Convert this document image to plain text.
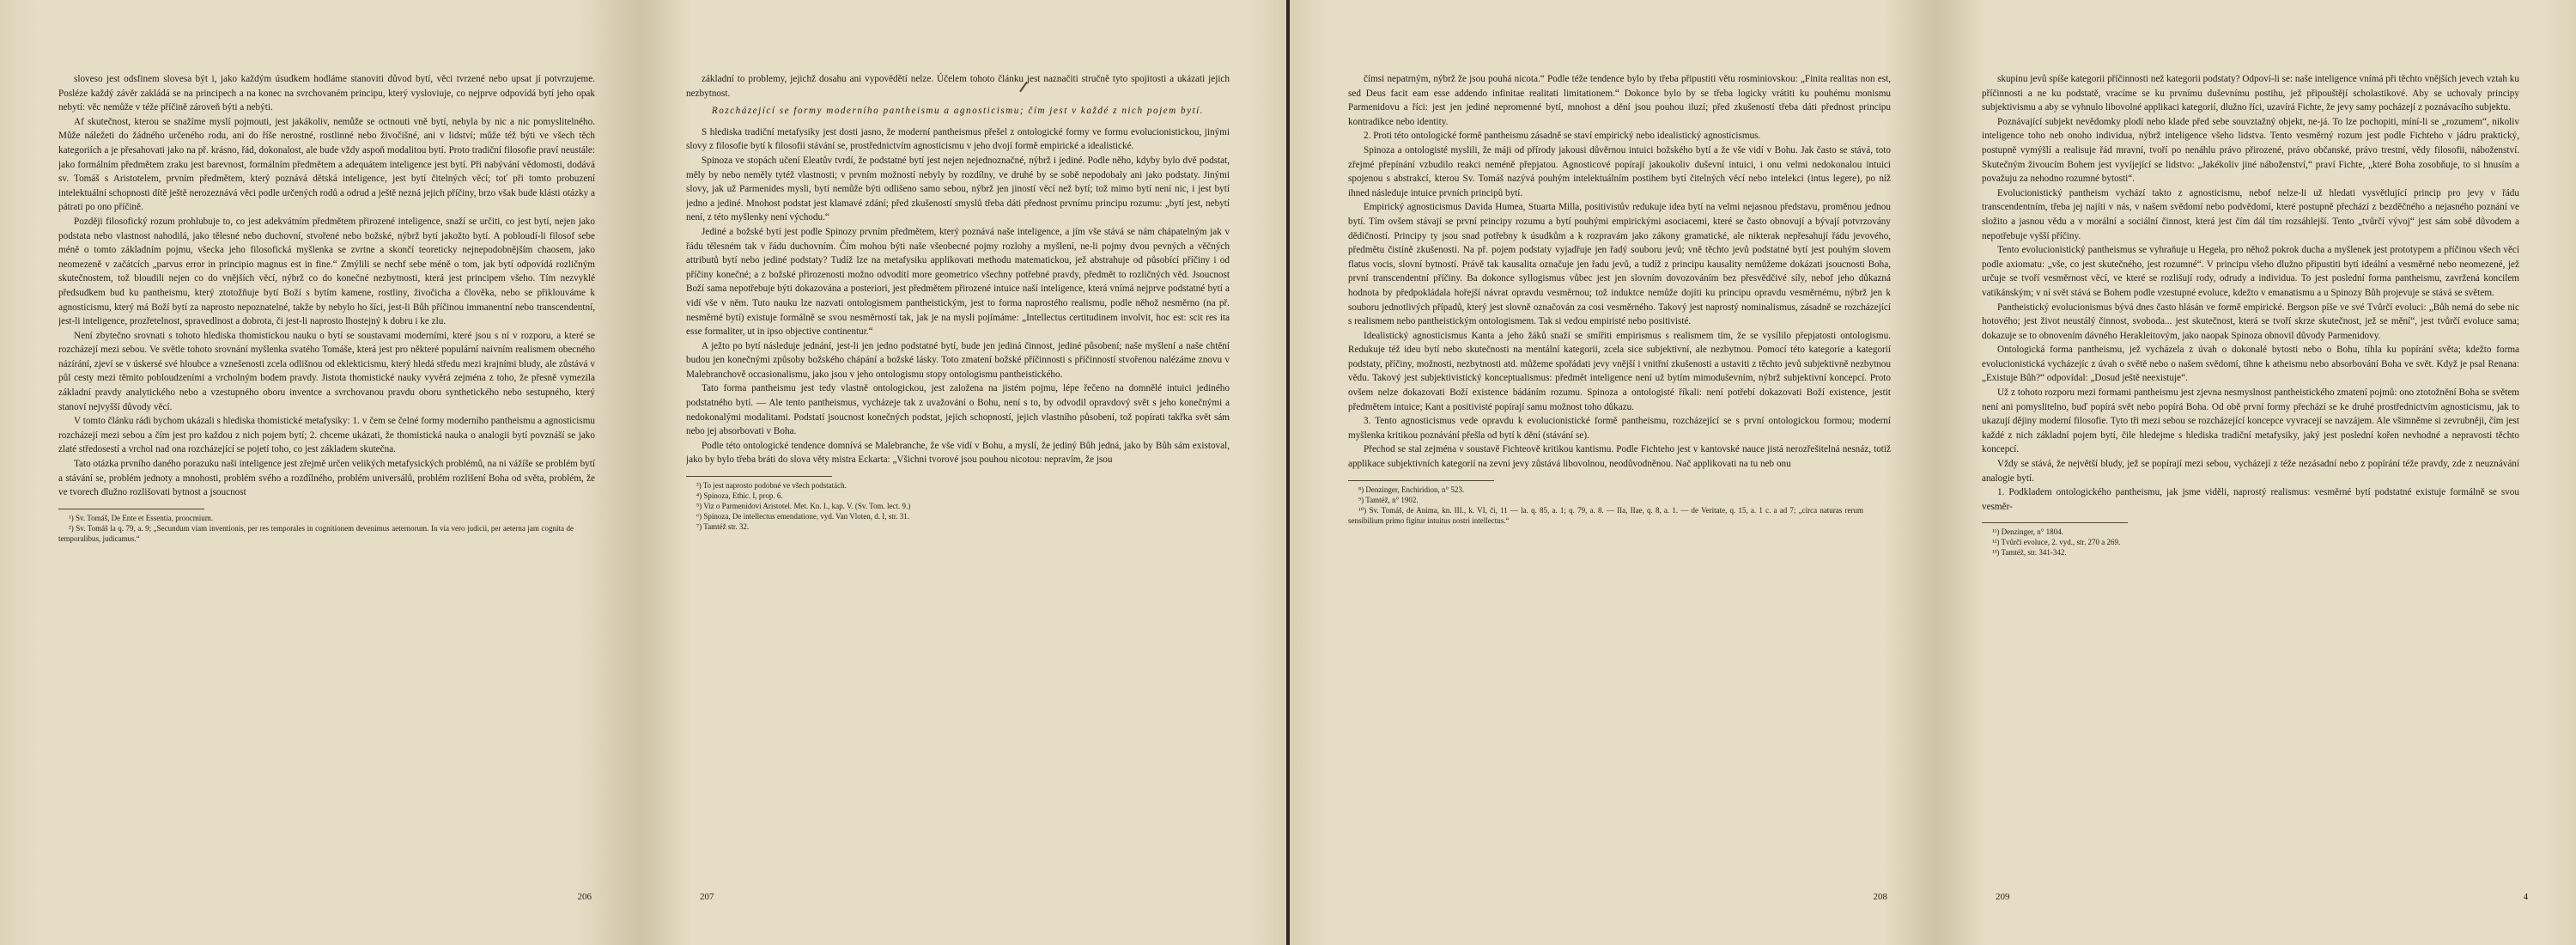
sloveso jest odsfinem slovesa být i, jako každým úsudkem hodláme stanoviti důvod bytí, věci tvrzené nebo upsat jí potvrzujeme. Posléze každý závěr zakládá se na principech a na konec na svrchovaném principu, který vysloviuje, co nejprve odpovídá bytí jeho opak nebytí: věc nemůže v téže příčině zároveň býti a nebýti.

Af skutečnost, kterou se snažíme myslí pojmouti, jest jakákoliv, nemůže se octnouti vně bytí, nebyla by nic a nic pomyslitelného. Může náležeti do žádného určeného rodu, ani do říše nerostné, rostlinné nebo živočišné, ani v lidství; může též býti ve všech těch kategoriích a je přesahovati jako na př. krásno, řád, dokonalost, ale bude vždy aspoň modalitou bytí. Proto tradiční filosofie praví neustále: jako formálním předmětem zraku jest barevnost, formálním předmětem a adequátem inteligence jest bytí. Při nabývání vědomosti, dodává sv. Tomáš s Aristotelem, prvním předmětem, který poznává dětská inteligence, jest bytí čitelných věcí; toť při tomto probuzení intelektuální schopnosti dítě ještě nerozeznává věci podle určených rodů a odrud a ještě nezná jejich příčiny, brzo však bude klásti otázky a pátrati po ono příčině.

Později filosofický rozum prohlubuje to, co jest adekvátním předmětem přirozené inteligence, snaží se určiti, co jest bytí, nejen jako podstata nebo vlastnost nahodilá, jako tělesné nebo duchovní, stvořené nebo božské, nýbrž bytí jakožto bytí. A pobloudí-li filosof sebe méně o tomto základním pojmu, všecka jeho filosofická myšlenka se zvrtne a skončí teoreticky nejnepodobnějším chaosem, jako neomezeně v začátcích „parvus error in principio magnus est in fine.“ Zmýlili se nechf sebe méně o tom, jak bytí odpovídá rozličným skutečnostem, tož bloudili nejen co do vnějších věcí, nýbrž co do konečné nezbytnosti, která jest principem všeho. Tím nezvyklé předsudkem bud ku pantheismu, který ztotožňuje bytí Boží s bytím kamene, rostliny, živočicha a člověka, nebo se přiklouváme k agnosticismu, který má Boží bytí za naprosto nepoznatelné, takže by nebylo ho šíci, jest-li Bůh příčinou immanentní nebo transcendentní, jest-li inteligence, prozřetelnost, spravedlnost a dobrota, či jest-li naprosto lhostejný k dobru i ke zlu.

Není zbytečno srovnati s tohoto hlediska thomistickou nauku o bytí se soustavami moderními, které jsou s ní v rozporu, a které se rozcházejí mezi sebou. Ve světle tohoto srovnání myšlenka svatého Tomáše, která jest pro některé populární naivním realismem obecného názírání, zjeví se v úskersé své hloubce a vznešenosti zcela odlišnou od eklekticismu, který hledá středu mezi krajními bludy, ale zůstává v půl cesty mezi těmito pobloudzeními a vrcholným bodem pravdy. Jistota thomistické nauky vyvěrá zejména z toho, že přesně vymezila základní pravdy analytického nebo a vzestupného oboru inventce a svrchovanou pravdu oboru synthetického nebo sestupného, který stanoví nejvyšší důvody věcí.

V tomto článku rádi bychom ukázali s hlediska thomistické metafysiky: 1. v čem se čelné formy moderního pantheismu a agnosticismu rozcházejí mezi sebou a čím jest pro každou z nich pojem bytí; 2. chceme ukázati, že thomistická nauka o analogii bytí povznáší se jako zlaté středosestí a vrchol nad ona rozcházející se pojetí toho, co jest základem skutečna.

Tato otázka prvního daného porazuku naši inteligence jest zřejmě určen velikých metafysických problémů, na ni vážíše se problém bytí a stávání se, problém jednoty a mnohosti, problém svého a rozdílného, problém universálů, problém rozlišení Boha od světa, problém, že ve tvorech dlužno rozlišovati bytnost a jsoucnost

¹) Sv. Tomáš, De Ente et Essentia, proocmium.

²) Sv. Tomáš la q. 79, a. 9; „Secundum viam inventionis, per res temporales in cognitionem devenimus aeternorum. In via vero judicii, per aeterna jam cognita de temporalibus, judicamus.“

206

základní to problemy, jejichž dosahu ani vypovědětí nelze. Účelem tohoto článku jest naznačiti stručně tyto spojitosti a ukázati jejich nezbytnost.

Rozcházející se formy moderního pantheismu a agnosticismu; čím jest v každé z nich pojem bytí.

S hlediska tradiční metafysiky jest dosti jasno, že moderní pantheismus přešel z ontologické formy ve formu evolucionistickou, jinými slovy z filosofie bytí k filosofii stávání se, prostřednictvím agnosticismu v jeho dvojí formě empirické a idealistické.

Spinoza ve stopách učení Eleatův tvrdí, že podstatné bytí jest nejen nejednoznačné, nýbrž i jediné. Podle něho, kdyby bylo dvě podstat, měly by nebo neměly tytéž vlastnosti; v prvním možností nebyly by rozdílny, ve druhé by se sobě nepodobaly ani jako podstaty. Jinými slovy, jak už Parmenides mysli, bytí nemůže býti odlišeno samo sebou, nýbrž jen jiností věcí než bytí; tož mimo bytí není nic, i jest bytí jedno a jediné. Mnohost podstat jest klamavé zdání; před zkušeností smyslů třeba dáti přednost prvnímu principu rozumu: „bytí jest, nebytí není, z této myšlenky není východu.“

Jediné a božské bytí jest podle Spinozy prvním předmětem, který poznává naše inteligence, a jím vše stává se nám chápatelným jak v řádu tělesném tak v řádu duchovním. Čím mohou býti naše všeobecné pojmy rozlohy a myšlení, ne-li pojmy dvou pevných a věčných attributů bytí nebo jediné podstaty? Tudíž lze na metafysiku applikovati methodu matematickou, jež abstrahuje od působící příčiny i od příčiny konečné; a z božské přirozenosti možno odvodití more geometrico všechny potřebné pravdy, předmět to rozličných věd. Jsoucnost Boží sama nepotřebuje býti dokazována a posteriori, jest předmětem přirozené intuice naší inteligence, která vnímá nejprve podstatné bytí a vidí vše v něm. Tuto nauku lze nazvati ontologismem pantheistickým, jest to forma naprostého realismu, podle něhož nesměrno (na př. nesměrné bytí) existuje formálně se svou nesměrností tak, jak je na mysli pojímáme: „Intellectus certitudinem involvit, hoc est: scit res ita esse formaliter, ut in ipso objective continentur.“

A ježto po bytí následuje jednání, jest-li jen jedno podstatné bytí, bude jen jediná činnost, jediné působení; naše myšlení a naše chtění budou jen konečnými způsoby božského chápání a božské lásky. Toto zmatení božské příčinnosti s příčinností stvořenou nalézáme znovu v Malebranchově occasionalismu, jako jsou v jeho ontologismu stopy ontologismu pantheistického.

Tato forma pantheismu jest tedy vlastně ontologickou, jest založena na jistém pojmu, lépe řečeno na domnělé intuici jediného podstatného bytí. — Ale tento pantheismus, vycházeje tak z uvažování o Bohu, není s to, by odvodil opravdový svět s jeho konečnými a nedokonalými modalitami. Podstatí jsoucnost konečných podstat, jejich schopností, jejich vlastního působení, tož popírati takřka svět sám nebo jej absorbovati v Boha.

Podle této ontologické tendence domnívá se Malebranche, že vše vidí v Bohu, a myslí, že jediný Bůh jedná, jako by Bůh sám existoval, jako by bylo třeba bráti do slova věty mistra Eckarta: „Všichni tvorové jsou pouhou nicotou: nepravím, že jsou

³) To jest naprosto podobné ve všech podstatách.

⁴) Spinoza, Ethic. I, prop. 6.

⁵) Viz o Parmenidovi Aristotel. Met. Kn. I., kap. V. (Sv. Tom. lect. 9.)

⁶) Spinoza, De intellectus emendatione, vyd. Van Vloten, d. I, str. 31.

⁷) Tamtéž str. 32.

207

čímsi nepatrným, nýbrž že jsou pouhá nicota.“ Podle téže tendence bylo by třeba připustiti větu rosminiovskou: „Finita realitas non est, sed Deus facit eam esse addendo infinitae realitati limitationem.“ Dokonce bylo by se třeba logicky vrátiti ku pouhému monismu Parmenidovu a říci: jest jen jediné nepromenné bytí, mnohost a dění jsou pouhou iluzí; před zkušeností třeba dáti přednost principu kontradikce nebo identity.

2. Proti této ontologické formě pantheismu zásadně se staví empirický nebo idealistický agnosticismus.

Spinoza a ontologisté myslili, že máji od přírody jakousi důvěrnou intuici božského bytí a že vše vidí v Bohu. Jak často se stává, toto zřejmé přepínání vzbudilo reakci neméně přepjatou. Agnosticové popírají jakoukoliv duševní intuici, i onu velmi nedokonalou intuici spojenou s abstrakcí, kterou Sv. Tomáš nazývá pouhým intelektuálním postihem bytí čitelných věcí nebo intelekci (intus legere), po níž ihned následuje intuice prvních principů bytí.

Empirický agnosticismus Davida Humea, Stuarta Milla, positivistův redukuje idea bytí na velmi nejasnou představu, proměnou jednou bytí. Tím ovšem stávají se první principy rozumu a bytí pouhými empirickými asociacemi, které se často obnovují a bývají potvrzovány dědičností. Principy ty jsou snad potřebny k úsudkům a k rozpravám jako zákony gramatické, ale nikterak nepřesahují řádu jevového, předmětu čistíně zkušenosti. Na př. pojem podstaty vyjadřuje jen řadý souboru jevů; vně těchto jevů podstatné bytí jest pouhým slovem flatus vocis, slovní bytností. Právě tak kausalita označuje jen řadu jevů, a tudíž z principu kausality nemůžeme dokázati jsoucnosti Boha, první transcendentní příčiny. Ba dokonce syllogismus vůbec jest jen slovním dovozováním bez přesvědčivé síly, nebof jeho důkazná hodnota by předpokládala hořejší návrat opravdu vesměrnou; tož induktce nemůže dojíti ku principu opravdu vesměrnému, nýbrž jen k souboru jednotlivých případů, který jest slovně označován za cosi vesměrného. Takový jest naprostý nominalismus, zásadně se rozcházející s realismem nebo pantheistickým ontologismem. Tak si vedou empiristé nebo positivisté.

Idealistický agnosticismus Kanta a jeho žáků snaží se smířiti empirismus s realismem tím, že se vysílilo přepjatosti ontologismu. Redukuje též ideu bytí nebo skutečnosti na mentální kategorii, zcela sice subjektivní, ale nezbytnou. Pomocí této kategorie a kategorií podstaty, příčiny, možnosti, nezbytnosti atd. můžeme spořádati jevy vnější i vnitřní zkušenosti a ustaviti z těchto jevů subjektivně nezbytnou vědu. Takový jest subjektivistický konceptualismus: předmět inteligence není už bytím mimoduševním, nýbrž subjektivní koncepcí. Proto ovšem nelze dokazovati Boží existence bádáním rozumu. Spinoza a ontologisté říkali: není potřebí dokazovati Boží existence, jestit předmětem intuice; Kant a positivisté popírají samu možnost toho důkazu.

3. Tento agnosticismus vede opravdu k evolucionistické formě pantheismu, rozcházející se s první ontologickou formou; moderní myšlenka kritikou poznávání přešla od bytí k dění (stávání se).

Přechod se stal zejména v soustavě Fichteově kritikou kantismu. Podle Fichteho jest v kantovské nauce jistá nerozřešitelná nesnáz, totiž applikace subjektivních kategorií na zevní jevy zůstává libovolnou, neodůvodněnou. Nač applikovati na tu neb onu

⁸) Denzinger, Enchiridion, n° 523.

⁹) Tamtéž, n° 1902.

¹⁰) Sv. Tomáš, de Anima, kn. III., k. VI, či, 11 — la. q. 85, a. 1; q. 79, a. 8. — IIa, IIae, q. 8, a. 1. — de Veritate, q. 15, a. 1 c. a ad 7; „circa naturas rerum sensibilium primo figitur intuitus nostri intellectus.“

208

skupinu jevů spíše kategorii příčinnosti než kategorii podstaty? Odpoví-li se: naše inteligence vnímá při těchto vnějších jevech vztah ku příčinnosti a ne ku podstatě, vracíme se ku prvnímu duševnímu postihu, jež připouštějí scholastikové. Aby se uchovaly principy subjektivismu a aby se vyhnulo libovolné applikaci kategorií, dlužno říci, uzavírá Fichte, že jevy samy pocházejí z poznávacího subjektu.

Poznávající subjekt nevědomky plodí nebo klade před sebe souvztažný objekt, ne-já. To lze pochopiti, míní-li se „rozumem“, nikoliv inteligence toho neb onoho individua, nýbrž inteligence všeho lidstva. Tento vesměrný rozum jest podle Fichteho v jádru praktický, postupně vymýšlí a realisuje řád mravní, tvoří po nenáhlu právo přirozené, právo občanské, právo trestní, vědy filosofii, náboženství. Skutečným živoucím Bohem jest vyvíjející se lidstvo: „Jakékoliv jiné náboženství,“ praví Fichte, „které Boha zosobňuje, to si hnusím a považuju za nehodno rozumné bytosti“.

Evolucionistický pantheism vychází takto z agnosticismu, nebof nelze-li už hledati vysvětlující princip pro jevy v řádu transcendentním, třeba jej najíti v nás, v našem svědomí nebo podvědomí, které postupně přechází z bezděčného a nejasného poznání ve složito a jasnou vědu a v morální a sociální činnost, která jest čím dál tím rozsáhlejší. Tento „tvůrčí vývoj“ jest sám sobě důvodem a nepotřebuje vyšší příčiny.

Tento evolucionistický pantheismus se vyhraňuje u Hegela, pro něhož pokrok ducha a myšlenek jest prototypem a příčinou všech věcí podle axiomatu: „vše, co jest skutečného, jest rozumné“. V principu všeho dlužno připustiti bytí ideální a vesměrné nebo neomezené, jež určuje se tvoří vesměrnost věcí, ve které se rozlišují rody, odrudy a individua. To jest poslední forma pantheismu, zavržená koncilem vatikánským; v ní svět stává se Bohem podle vzestupné evoluce, kdežto v emanatismu a u Spinozy Bůh projevuje se stává se světem.

Pantheistický evolucionismus bývá dnes často hlásán ve formě empirické. Bergson píše ve své Tvůrčí evoluci: „Bůh nemá do sebe nic hotového; jest život neustálý činnost, svoboda... jest skutečnost, která se tvoří skrze skutečnost, jež se mění“, jest tvůrčí evoluce sama; dokazuje se to obnovením dávného Herakleitovým, jako naopak Spinoza obnovil důvody Parmenidovy.

Ontologická forma pantheismu, jež vycházela z úvah o dokonalé bytosti nebo o Bohu, tíhla ku popírání světa; kdežto forma evolucionistická vycházejíc z úvah o světě nebo o našem svědomí, tíhne k atheismu nebo absorbování Boha ve svět. Když je psal Renana: „Existuje Bůh?“ odpovídal: „Dosud ještě neexistuje“.

Už z tohoto rozporu mezi formami pantheismu jest zjevna nesmyslnost pantheistického zmatení pojmů: ono ztotožnění Boha se světem není ani pomyslitelno, buď popírá svět nebo popírá Boha. Od obě první formy přechází se ke druhé prostřednictvím agnosticismu, jak to ukazují dějiny moderní filosofie. Tyto tři mezi sebou se rozcházející koncepce vyvracejí se navzájem. Ale všimněme si zevrubněji, čím jest každé z nich základní pojem bytí, čile hledejme s hlediska tradiční metafysiky, jaký jest poslední kořen nevhodné a nepravosti těchto koncepcí.

Vždy se stává, že největší bludy, jež se popírají mezi sebou, vycházejí z téže nezásadní nebo z popírání téže pravdy, zde z neuznávání analogie bytí.

1. Podkladem ontologického pantheismu, jak jsme viděli, naprostý realismus: vesměrné bytí podstatné existuje formálně se svou vesměr-

¹¹) Denzinger, n° 1804.

¹²) Tvůrčí evoluce, 2. vyd., str. 270 a 269.

¹³) Tamtéž, str. 341-342.

209	4
